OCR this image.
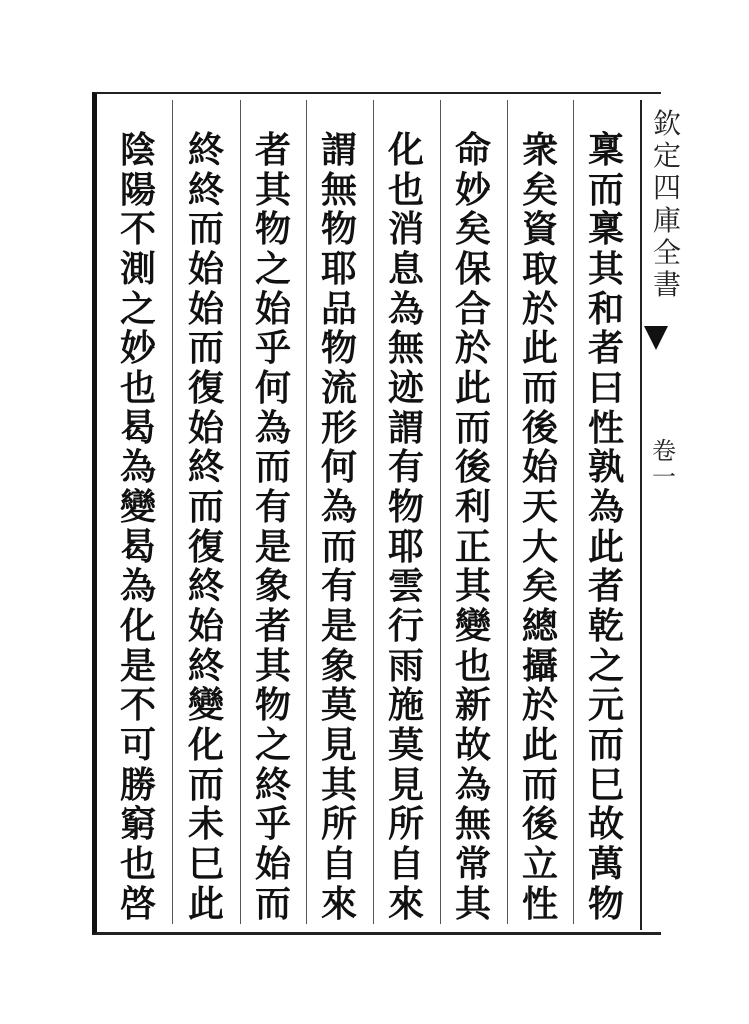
欽
定
四
庫
全
書
卷
一
稟
而
稟
其
和
者
曰
性
孰
為
此
者
乾
之
元
而
巳
故
萬
物
衆
矣
資
取
於
此
而
後
始
天
大
矣
總
攝
於
此
而
後
立
性
命
妙
矣
保
合
於
此
而
後
利
正
其
變
也
新
故
為
無
常
其
化
也
消
息
為
無
迹
謂
有
物
耶
雲
行
雨
施
莫
見
所
自
來
謂
無
物
耶
品
物
流
形
何
為
而
有
是
象
莫
見
其
所
自
來
者
其
物
之
始
乎
何
為
而
有
是
象
者
其
物
之
終
乎
始
而
終
終
而
始
始
而
復
始
終
而
復
終
始
終
變
化
而
未
巳
此
陰
陽
不
測
之
妙
也
曷
為
變
曷
為
化
是
不
可
勝
窮
也
啓
